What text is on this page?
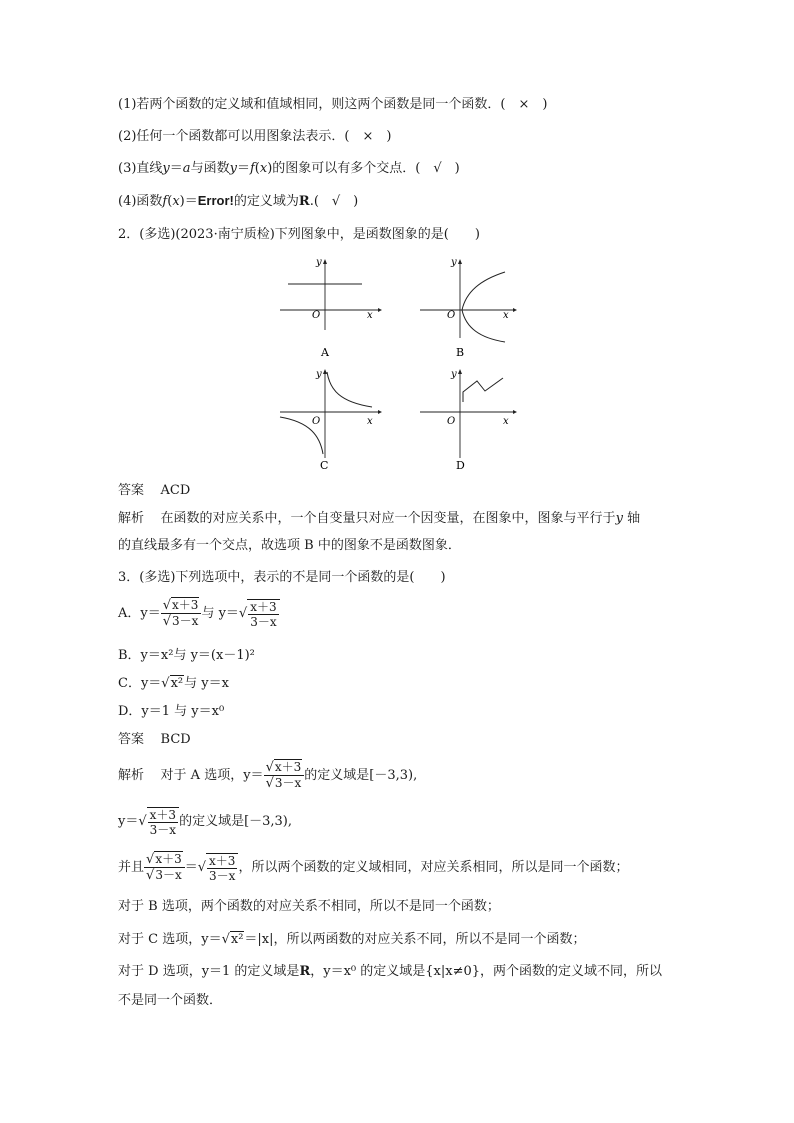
(1)若两个函数的定义域和值域相同，则这两个函数是同一个函数．(　×　)
(2)任何一个函数都可以用图象法表示．(　×　)
(3)直线y＝a与函数y＝f(x)的图象可以有多个交点．(　√　)
(4)函数f(x)＝Error!的定义域为R.(　√　)
2．(多选)(2023·南宁质检)下列图象中，是函数图象的是(　　)
y
x
O
A
y
x
O
B
y
x
O
C
y
x
O
D
答案 ACD
解析 在函数的对应关系中，一个自变量只对应一个因变量，在图象中，图象与平行于y 轴
的直线最多有一个交点，故选项 B 中的图象不是函数图象．
3．(多选)下列选项中，表示的不是同一个函数的是(　　)
A．$y= \frac{√x+3}{√3-x}$ 与 $y=√ \frac{x+3}{3-x}$
B．y＝x²与 y＝(x－1)²
C．y＝√x²与 y＝x
D．y＝1 与 y＝x⁰
答案 BCD
解析 对于 A 选项，$y= \frac{√x+3}{√3-x}$ 的定义域是[－3,3),
$y=√ \frac{x+3}{3-x}$ 的定义域是[－3,3),
并且 $\frac{√x+3}{√3-x}$ ＝√ $\frac{x+3}{3-x}$ ，所以两个函数的定义域相同，对应关系相同，所以是同一个函数；
对于 B 选项，两个函数的对应关系不相同，所以不是同一个函数；
对于 C 选项，y＝√x²＝|x|，所以两函数的对应关系不同，所以不是同一个函数；
对于 D 选项，y＝1 的定义域是R，y＝x⁰ 的定义域是{x|x≠0}，两个函数的定义域不同，所以
不是同一个函数．
